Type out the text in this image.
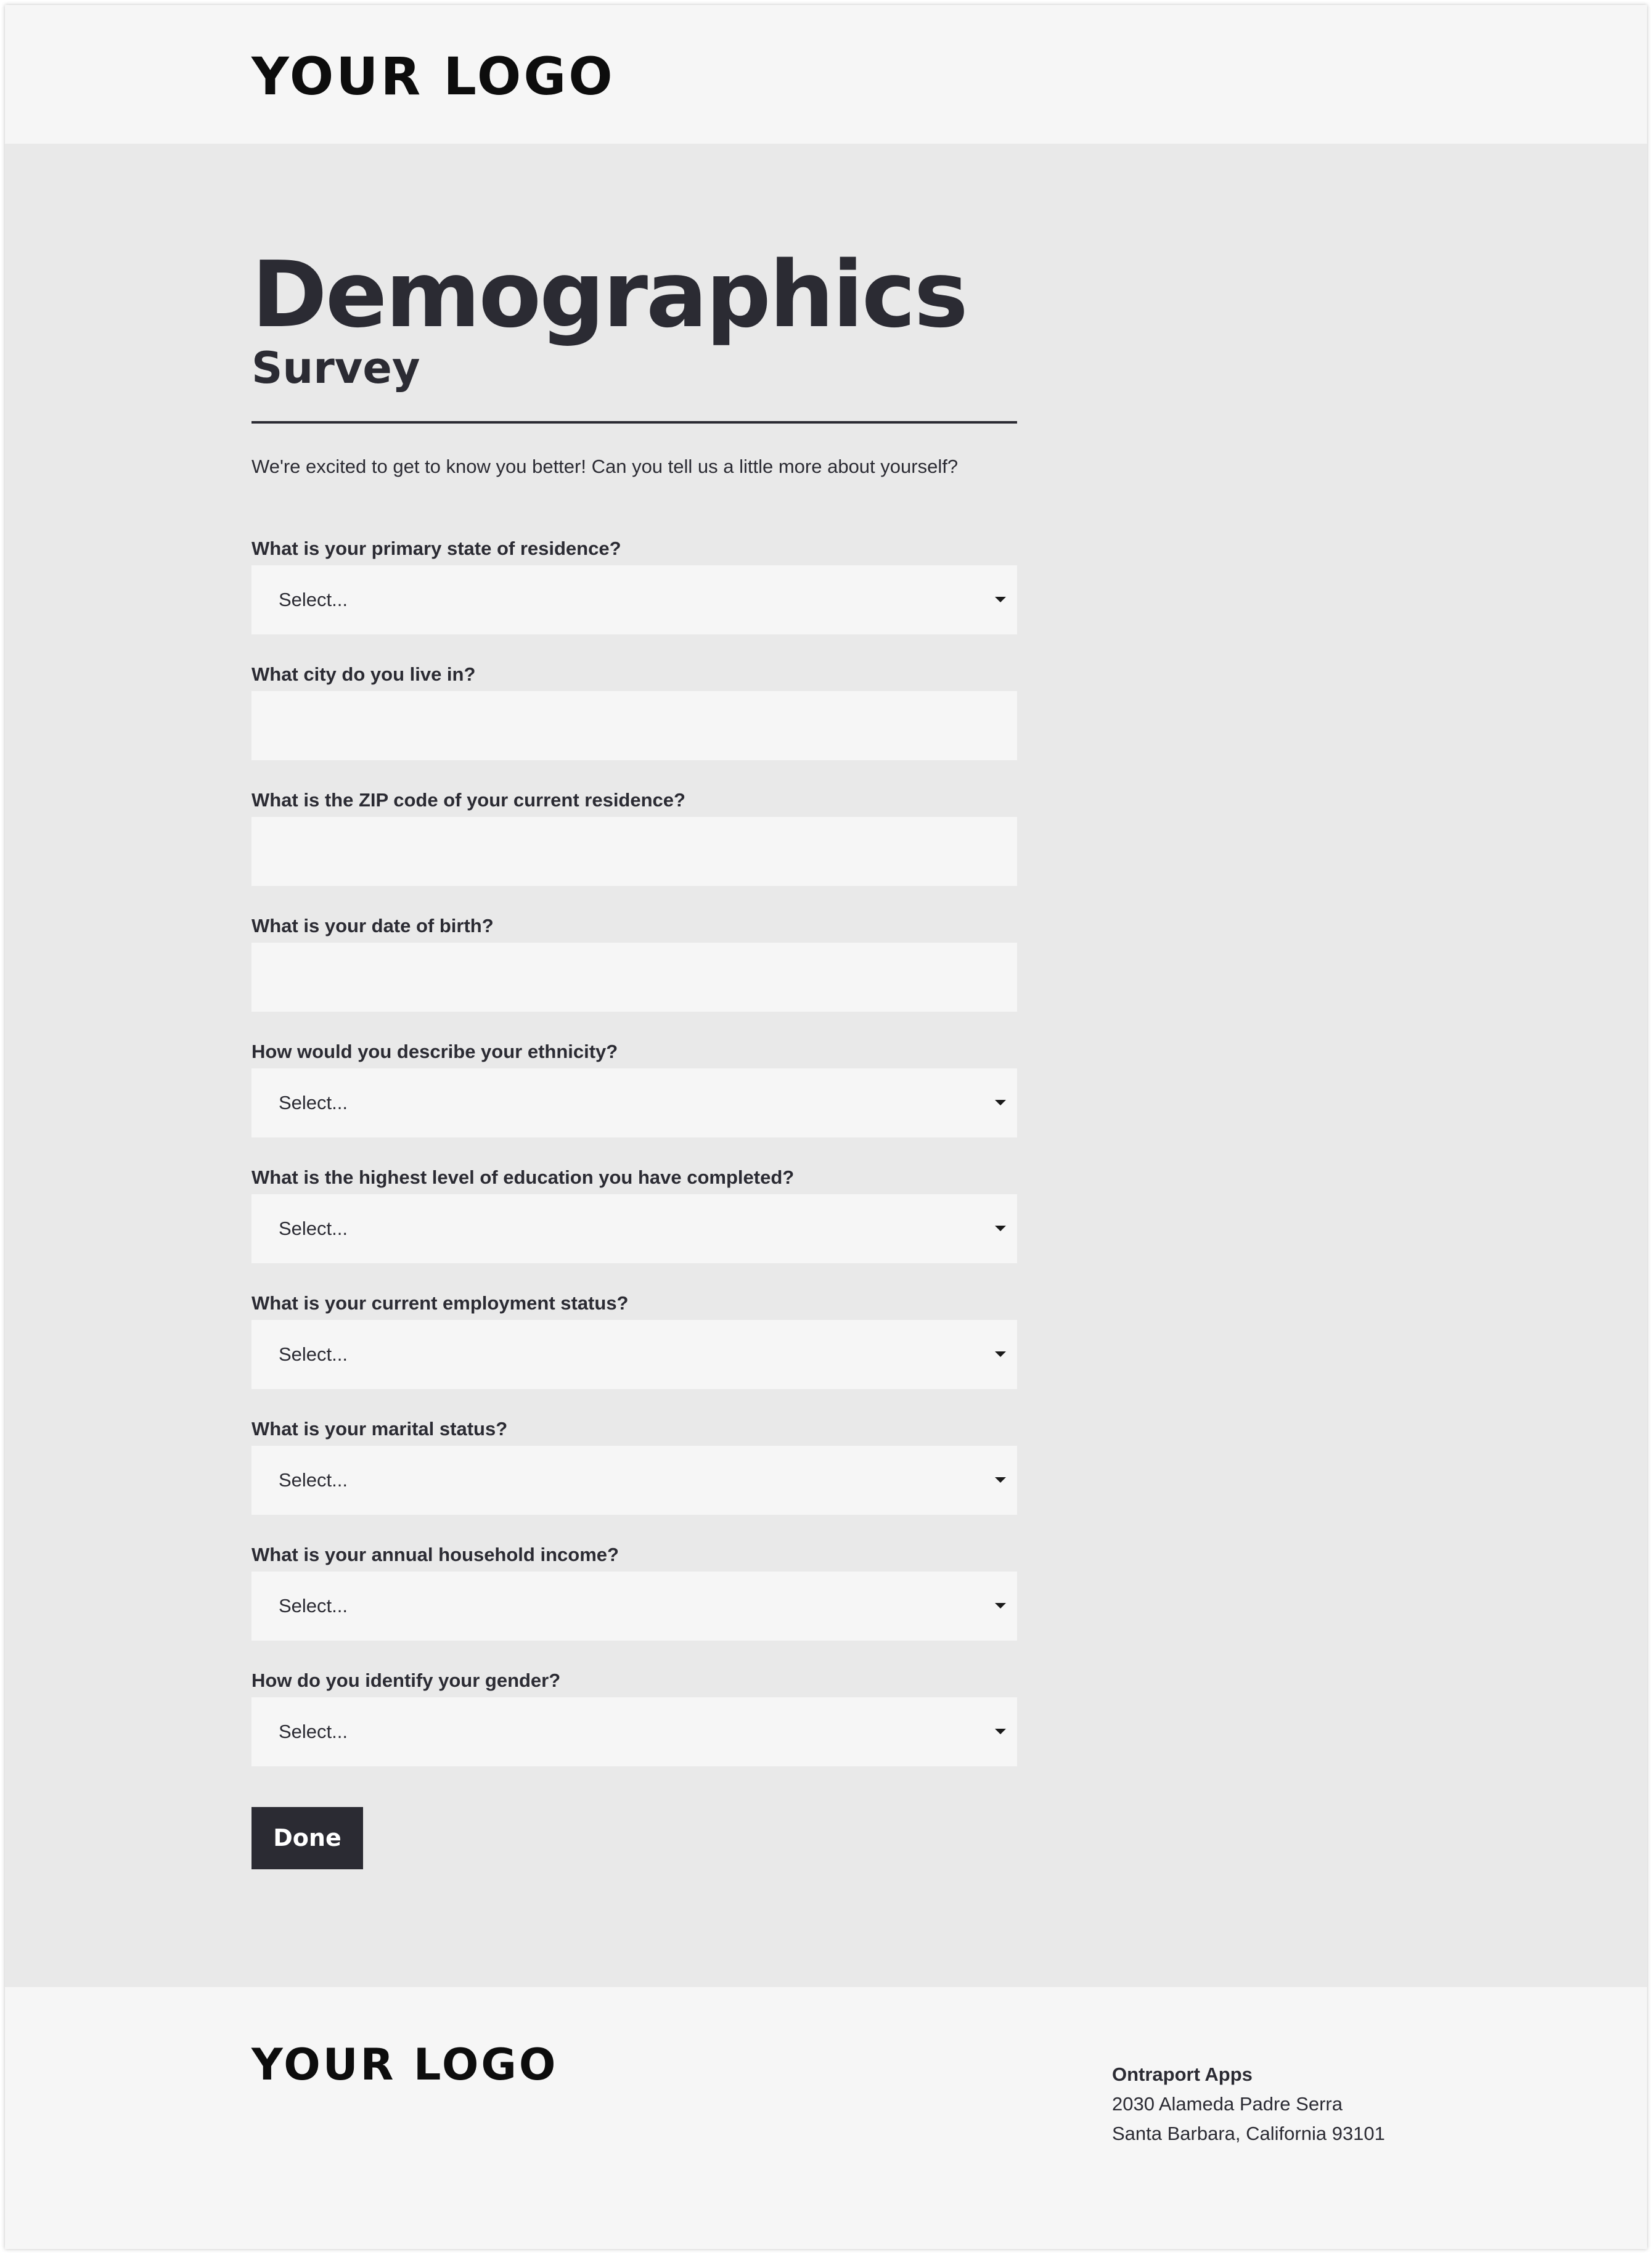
YOUR LOGO
Demographics
Survey
We're excited to get to know you better! Can you tell us a little more about yourself?
What is your primary state of residence?
Select...
What city do you live in?
What is the ZIP code of your current residence?
What is your date of birth?
How would you describe your ethnicity?
Select...
What is the highest level of education you have completed?
Select...
What is your current employment status?
Select...
What is your marital status?
Select...
What is your annual household income?
Select...
How do you identify your gender?
Select...
Done
YOUR LOGO	Ontraport Apps
2030 Alameda Padre Serra
Santa Barbara, California 93101
